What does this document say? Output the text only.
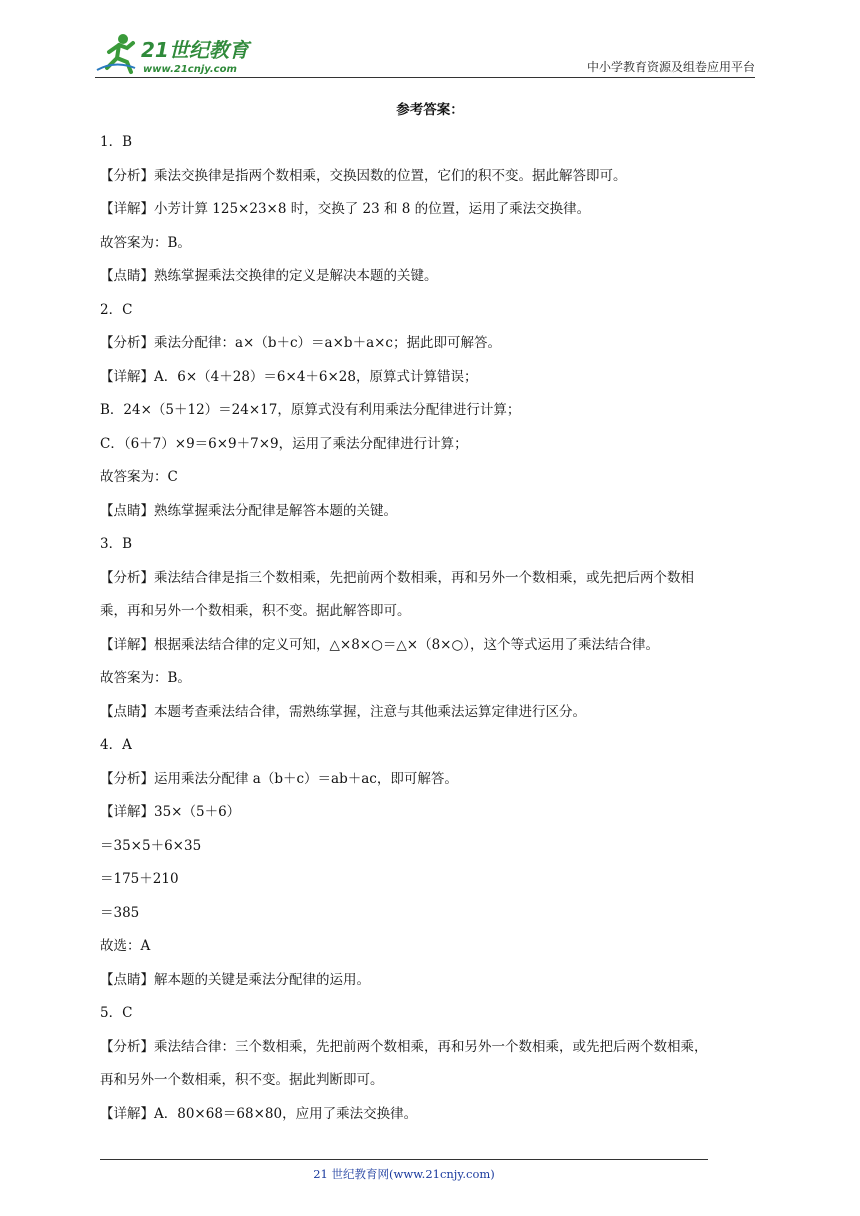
21世纪教育
www.21cnjy.com	中小学教育资源及组卷应用平台
参考答案：
1．B
【分析】乘法交换律是指两个数相乘，交换因数的位置，它们的积不变。据此解答即可。
【详解】小芳计算 125×23×8 时，交换了 23 和 8 的位置，运用了乘法交换律。
故答案为：B。
【点睛】熟练掌握乘法交换律的定义是解决本题的关键。
2．C
【分析】乘法分配律：a×（b＋c）＝a×b＋a×c；据此即可解答。
【详解】A．6×（4＋28）＝6×4＋6×28，原算式计算错误；
B．24×（5＋12）＝24×17，原算式没有利用乘法分配律进行计算；
C．（6＋7）×9＝6×9＋7×9，运用了乘法分配律进行计算；
故答案为：C
【点睛】熟练掌握乘法分配律是解答本题的关键。
3．B
【分析】乘法结合律是指三个数相乘，先把前两个数相乘，再和另外一个数相乘，或先把后两个数相
乘，再和另外一个数相乘，积不变。据此解答即可。
【详解】根据乘法结合律的定义可知，△×8×○＝△×（8×○），这个等式运用了乘法结合律。
故答案为：B。
【点睛】本题考查乘法结合律，需熟练掌握，注意与其他乘法运算定律进行区分。
4．A
【分析】运用乘法分配律 a（b＋c）＝ab＋ac，即可解答。
【详解】35×（5＋6）
＝35×5＋6×35
＝175＋210
＝385
故选：A
【点睛】解本题的关键是乘法分配律的运用。
5．C
【分析】乘法结合律：三个数相乘，先把前两个数相乘，再和另外一个数相乘，或先把后两个数相乘，
再和另外一个数相乘，积不变。据此判断即可。
【详解】A．80×68＝68×80，应用了乘法交换律。
21 世纪教育网(www.21cnjy.com)
